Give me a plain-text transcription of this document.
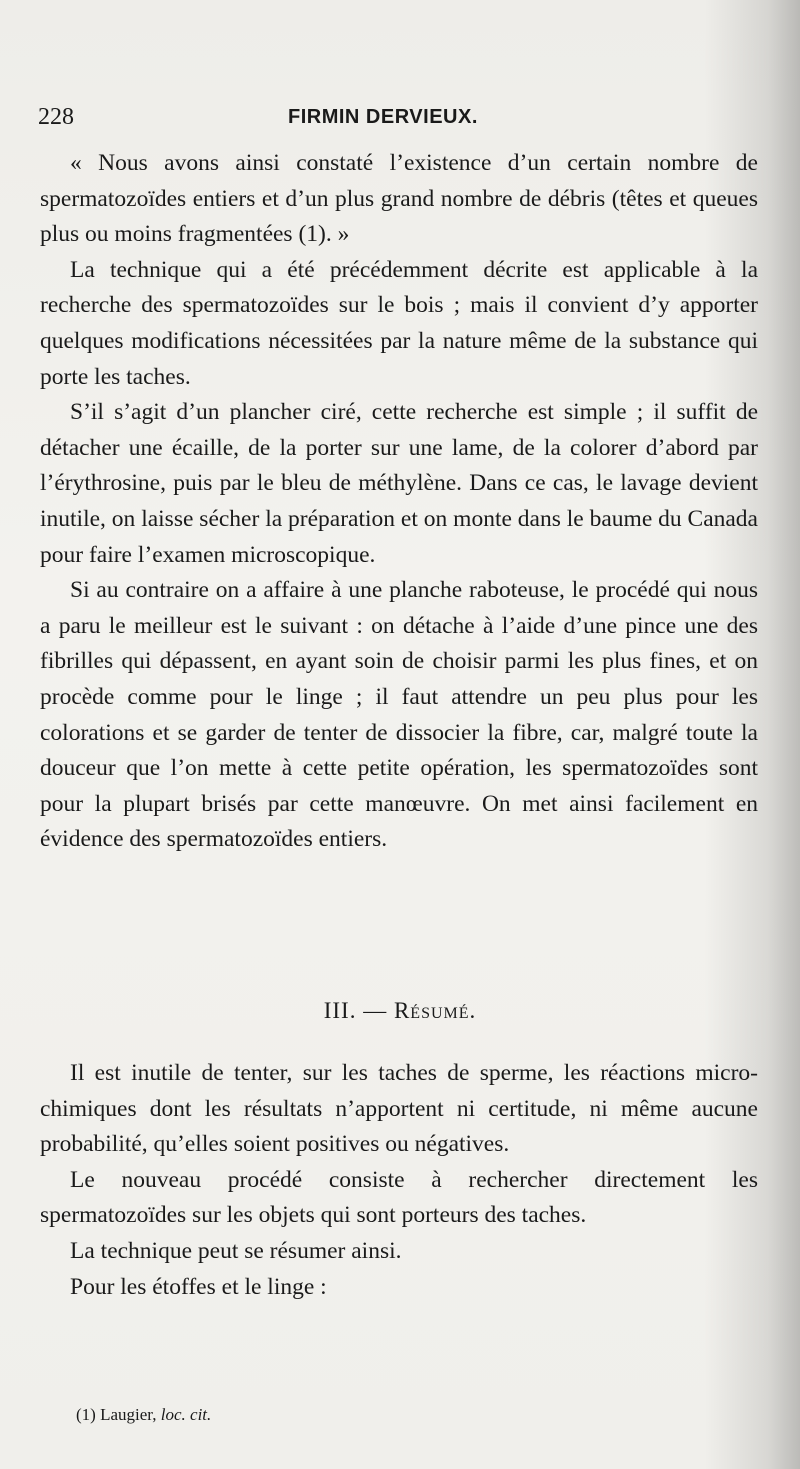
228	FIRMIN DERVIEUX.

« Nous avons ainsi constaté l’existence d’un certain nombre de spermatozoïdes entiers et d’un plus grand nombre de débris (têtes et queues plus ou moins fragmentées (1). »

La technique qui a été précédemment décrite est applicable à la recherche des spermatozoïdes sur le bois ; mais il convient d’y apporter quelques modifications nécessitées par la nature même de la substance qui porte les taches.

S’il s’agit d’un plancher ciré, cette recherche est simple ; il suffit de détacher une écaille, de la porter sur une lame, de la colorer d’abord par l’érythrosine, puis par le bleu de méthylène. Dans ce cas, le lavage devient inutile, on laisse sécher la préparation et on monte dans le baume du Canada pour faire l’examen microscopique.

Si au contraire on a affaire à une planche raboteuse, le procédé qui nous a paru le meilleur est le suivant : on détache à l’aide d’une pince une des fibrilles qui dépassent, en ayant soin de choisir parmi les plus fines, et on procède comme pour le linge ; il faut attendre un peu plus pour les colorations et se garder de tenter de dissocier la fibre, car, malgré toute la douceur que l’on mette à cette petite opération, les spermatozoïdes sont pour la plupart brisés par cette manœuvre. On met ainsi facilement en évidence des spermatozoïdes entiers.

III. — Résumé.

Il est inutile de tenter, sur les taches de sperme, les réactions micro-chimiques dont les résultats n’apportent ni certitude, ni même aucune probabilité, qu’elles soient positives ou négatives.

Le nouveau procédé consiste à rechercher directement les spermatozoïdes sur les objets qui sont porteurs des taches.

La technique peut se résumer ainsi.

Pour les étoffes et le linge :

(1) Laugier, loc. cit.
